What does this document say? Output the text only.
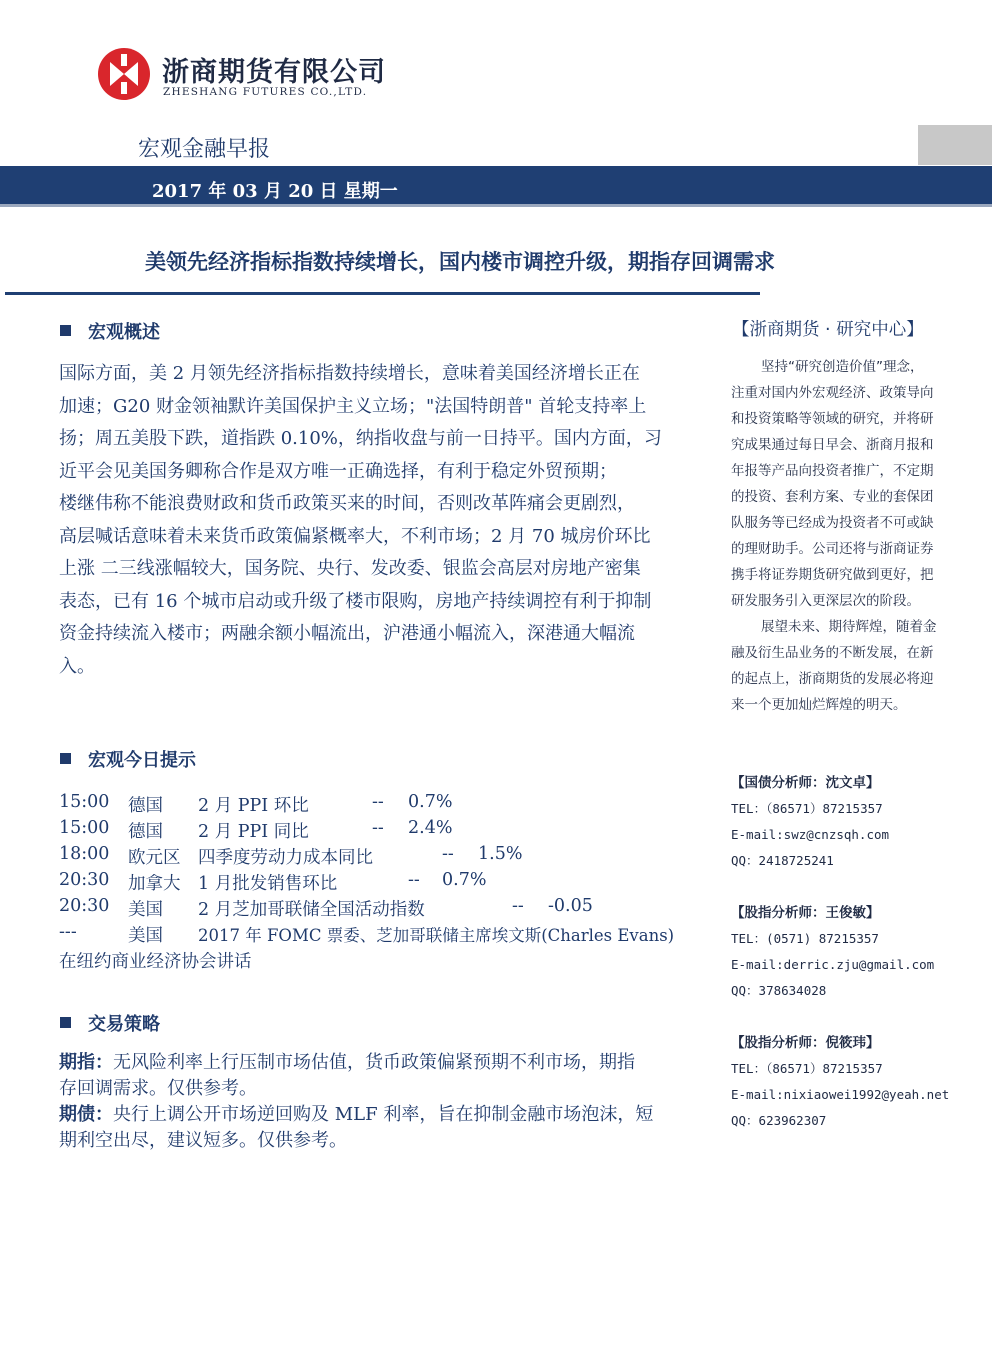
浙商期货有限公司
ZHESHANG FUTURES CO.,LTD.
宏观金融早报
2017 年 03 月 20 日 星期一
美领先经济指标指数持续增长，国内楼市调控升级，期指存回调需求
宏观概述

国际方面，美 2 月领先经济指标指数持续增长，意味着美国经济增长正在

加速；G20 财金领袖默许美国保护主义立场；"法国特朗普" 首轮支持率上

扬；周五美股下跌，道指跌 0.10%，纳指收盘与前一日持平。国内方面，习

近平会见美国务卿称合作是双方唯一正确选择，有利于稳定外贸预期；

楼继伟称不能浪费财政和货币政策买来的时间，否则改革阵痛会更剧烈，

高层喊话意味着未来货币政策偏紧概率大，不利市场；2 月 70 城房价环比

上涨 二三线涨幅较大，国务院、央行、发改委、银监会高层对房地产密集

表态，已有 16 个城市启动或升级了楼市限购，房地产持续调控有利于抑制

资金持续流入楼市；两融余额小幅流出，沪港通小幅流入，深港通大幅流

入。

宏观今日提示
15:00 德国 2 月 PPI 环比	-- 0.7%
15:00 德国 2 月 PPI 同比	-- 2.4%
18:00 欧元区 四季度劳动力成本同比	-- 1.5%
20:30 加拿大 1 月批发销售环比	-- 0.7%
20:30 美国 2 月芝加哥联储全国活动指数	-- -0.05
---	美国 2017 年 FOMC 票委、芝加哥联储主席埃文斯(Charles Evans)
在纽约商业经济协会讲话
交易策略

期指：无风险利率上行压制市场估值，货币政策偏紧预期不利市场，期指

存回调需求。仅供参考。

期债：央行上调公开市场逆回购及 MLF 利率，旨在抑制金融市场泡沫，短

期利空出尽，建议短多。仅供参考。

【浙商期货 · 研究中心】

坚持“研究创造价值”理念，

注重对国内外宏观经济、政策导向

和投资策略等领域的研究，并将研

究成果通过每日早会、浙商月报和

年报等产品向投资者推广，不定期

的投资、套利方案、专业的套保团

队服务等已经成为投资者不可或缺

的理财助手。公司还将与浙商证券

携手将证券期货研究做到更好，把

研发服务引入更深层次的阶段。

展望未来、期待辉煌，随着金

融及衍生品业务的不断发展，在新

的起点上，浙商期货的发展必将迎

来一个更加灿烂辉煌的明天。

【国债分析师：沈文卓】
TEL：（86571）87215357
E-mail:swz@cnzsqh.com
QQ：2418725241
【股指分析师：王俊敏】
TEL：(0571) 87215357
E-mail:derric.zju@gmail.com
QQ：378634028
【股指分析师：倪筱玮】
TEL：（86571）87215357
E-mail:nixiaowei1992@yeah.net
QQ：623962307
